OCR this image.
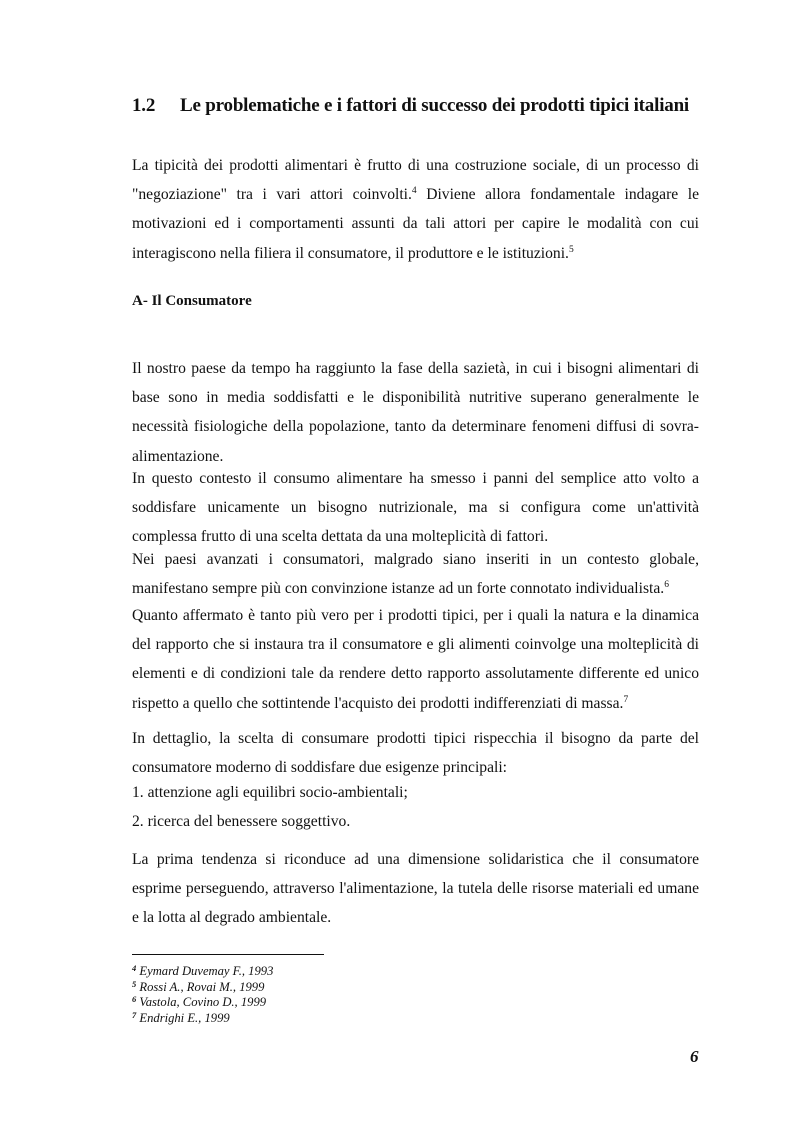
1.2 Le problematiche e i fattori di successo dei prodotti tipici italiani

La tipicità dei prodotti alimentari è frutto di una costruzione sociale, di un processo di "negoziazione" tra i vari attori coinvolti.$^4$ Diviene allora fondamentale indagare le motivazioni ed i comportamenti assunti da tali attori per capire le modalità con cui interagiscono nella filiera il consumatore, il produttore e le istituzioni.$^5$

A- Il Consumatore

Il nostro paese da tempo ha raggiunto la fase della sazietà, in cui i bisogni alimentari di base sono in media soddisfatti e le disponibilità nutritive superano generalmente le necessità fisiologiche della popolazione, tanto da determinare fenomeni diffusi di sovra-alimentazione.

In questo contesto il consumo alimentare ha smesso i panni del semplice atto volto a soddisfare unicamente un bisogno nutrizionale, ma si configura come un'attività complessa frutto di una scelta dettata da una molteplicità di fattori.

Nei paesi avanzati i consumatori, malgrado siano inseriti in un contesto globale, manifestano sempre più con convinzione istanze ad un forte connotato individualista.$^6$

Quanto affermato è tanto più vero per i prodotti tipici, per i quali la natura e la dinamica del rapporto che si instaura tra il consumatore e gli alimenti coinvolge una molteplicità di elementi e di condizioni tale da rendere detto rapporto assolutamente differente ed unico rispetto a quello che sottintende l'acquisto dei prodotti indifferenziati di massa.$^7$

In dettaglio, la scelta di consumare prodotti tipici rispecchia il bisogno da parte del consumatore moderno di soddisfare due esigenze principali:

1. attenzione agli equilibri socio-ambientali;
2. ricerca del benessere soggettivo.

La prima tendenza si riconduce ad una dimensione solidaristica che il consumatore esprime perseguendo, attraverso l'alimentazione, la tutela delle risorse materiali ed umane e la lotta al degrado ambientale.

$^4$ Eymard Duvemay F., 1993
$^5$ Rossi A., Rovai M., 1999
$^6$ Vastola, Covino D., 1999
$^7$ Endrighi E., 1999
6
